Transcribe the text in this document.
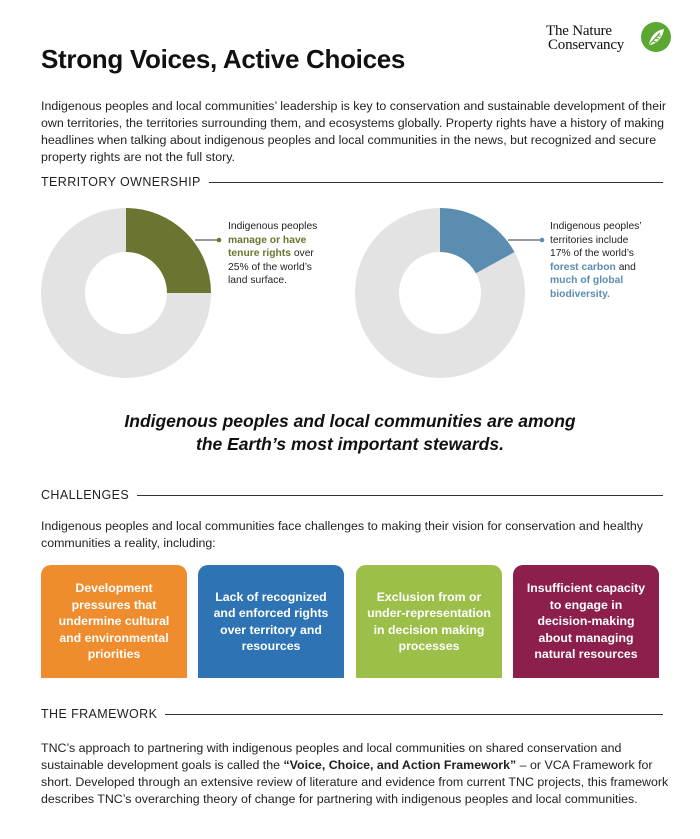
Strong Voices, Active Choices
The Nature
Conservancy

Indigenous peoples and local communities’ leadership is key to conservation and sustainable development of their own territories, the territories surrounding them, and ecosystems globally. Property rights have a history of making headlines when talking about indigenous peoples and local communities in the news, but recognized and secure property rights are not the full story.

TERRITORY OWNERSHIP
Indigenous peoples manage or have tenure rights over 25% of the world’s land surface.
Indigenous peoples’ territories include 17% of the world’s forest carbon and much of global biodiversity.
Indigenous peoples and local communities are among
the Earth’s most important stewards.
CHALLENGES

Indigenous peoples and local communities face challenges to making their vision for conservation and healthy communities a reality, including:

Development pressures that undermine cultural and environmental priorities
Lack of recognized and enforced rights over territory and resources
Exclusion from or under-representation in decision making processes
Insufficient capacity to engage in decision-making about managing natural resources
THE FRAMEWORK

TNC’s approach to partnering with indigenous peoples and local communities on shared conservation and sustainable development goals is called the “Voice, Choice, and Action Framework” – or VCA Framework for short. Developed through an extensive review of literature and evidence from current TNC projects, this framework describes TNC’s overarching theory of change for partnering with indigenous peoples and local communities.
